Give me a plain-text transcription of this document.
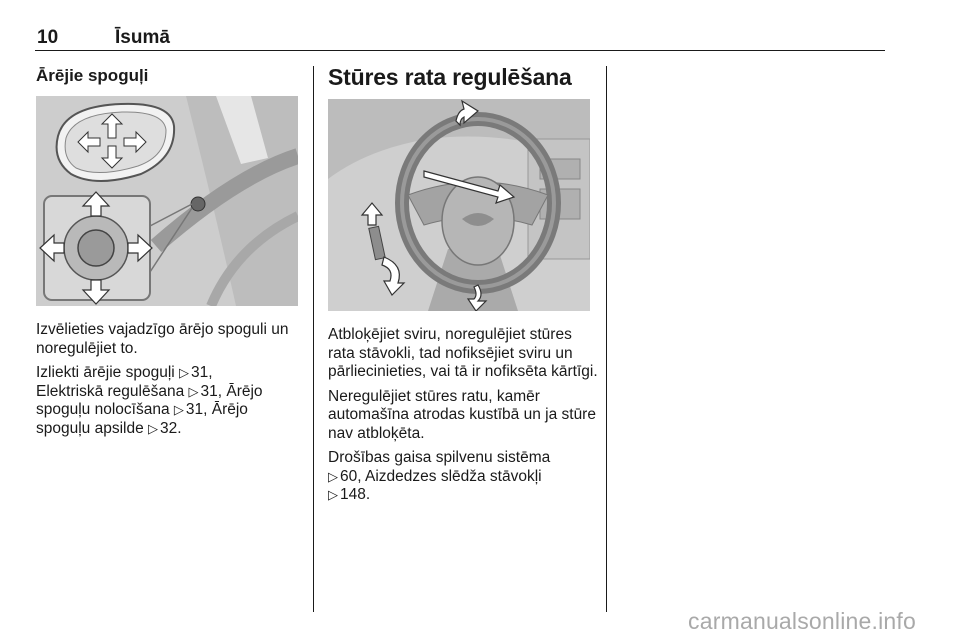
10	Īsumā
Ārējie spoguļi

Izvēlieties vajadzīgo ārējo spoguli un noregulējiet to.

Izliekti ārējie spoguļi ▷ 31,
Elektriskā regulēšana ▷ 31, Ārējo
spoguļu nolocīšana ▷ 31, Ārējo
spoguļu apsilde ▷ 32.

Stūres rata regulēšana

Atbloķējiet sviru, noregulējiet stūres rata stāvokli, tad nofiksējiet sviru un pārliecinieties, vai tā ir nofiksēta kārtīgi.

Neregulējiet stūres ratu, kamēr automašīna atrodas kustībā un ja stūre nav atbloķēta.

Drošības gaisa spilvenu sistēma
▷ 60, Aizdedzes slēdža stāvokļi
▷ 148.

carmanualsonline.info
